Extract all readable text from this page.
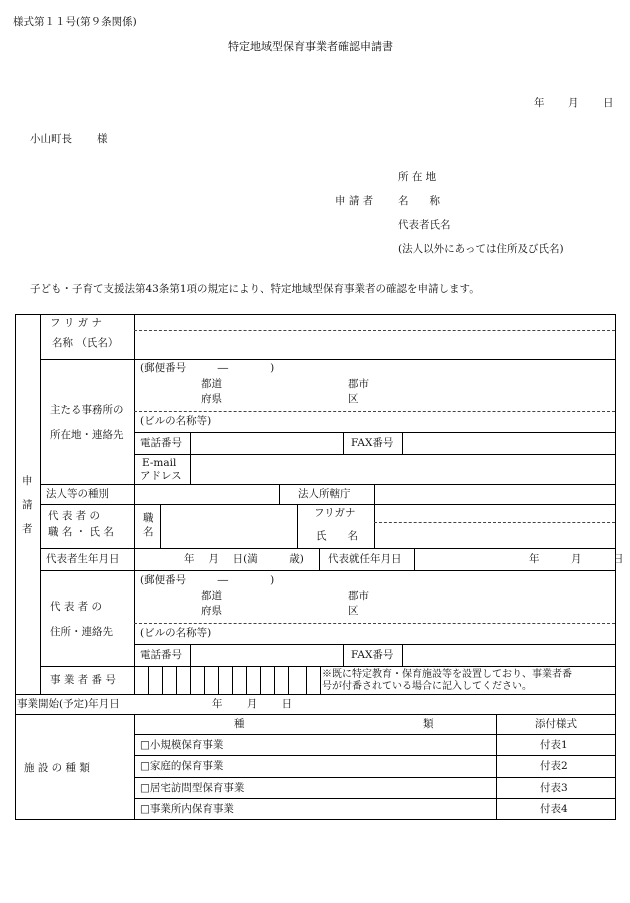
様式第１１号(第９条関係)
特定地域型保育事業者確認申請書
年 月 日
小山町長 様
所 在 地
申 請 者 名　　称
代表者氏名
(法人以外にあっては住所及び氏名)
子ども・子育て支援法第43条第1項の規定により、特定地域型保育事業者の確認を申請します。
申
請
者
フ リ ガ ナ
名称 （氏名）
主たる事務所の
所在地・連絡先
(郵便番号　　　―　　　　)
都道
府県
郡市
区
(ビルの名称等)
電話番号	FAX番号
E-mail
アドレス
法人等の種別	法人所轄庁
代 表 者 の
職 名 ・ 氏 名
職
名
フリガナ
氏　　名
代表者生年月日	年　 月　 日(満　　　歳) 代表就任年月日	年　　　月　　　日
代 表 者 の
住所・連絡先
(郵便番号　　　―　　　　)
都道
府県
郡市
区
(ビルの名称等)
電話番号	FAX番号
事 業 者 番 号	※既に特定教育・保育施設等を設置しており、事業者番
号が付番されている場合に記入してください。
事業開始(予定)年月日	年　　 月　　 日
施 設 の 種 類
種　　　　　　　　　　　　　　　　　類	添付様式
□小規模保育事業	付表1
□家庭的保育事業	付表2
□居宅訪問型保育事業	付表3
□事業所内保育事業	付表4
